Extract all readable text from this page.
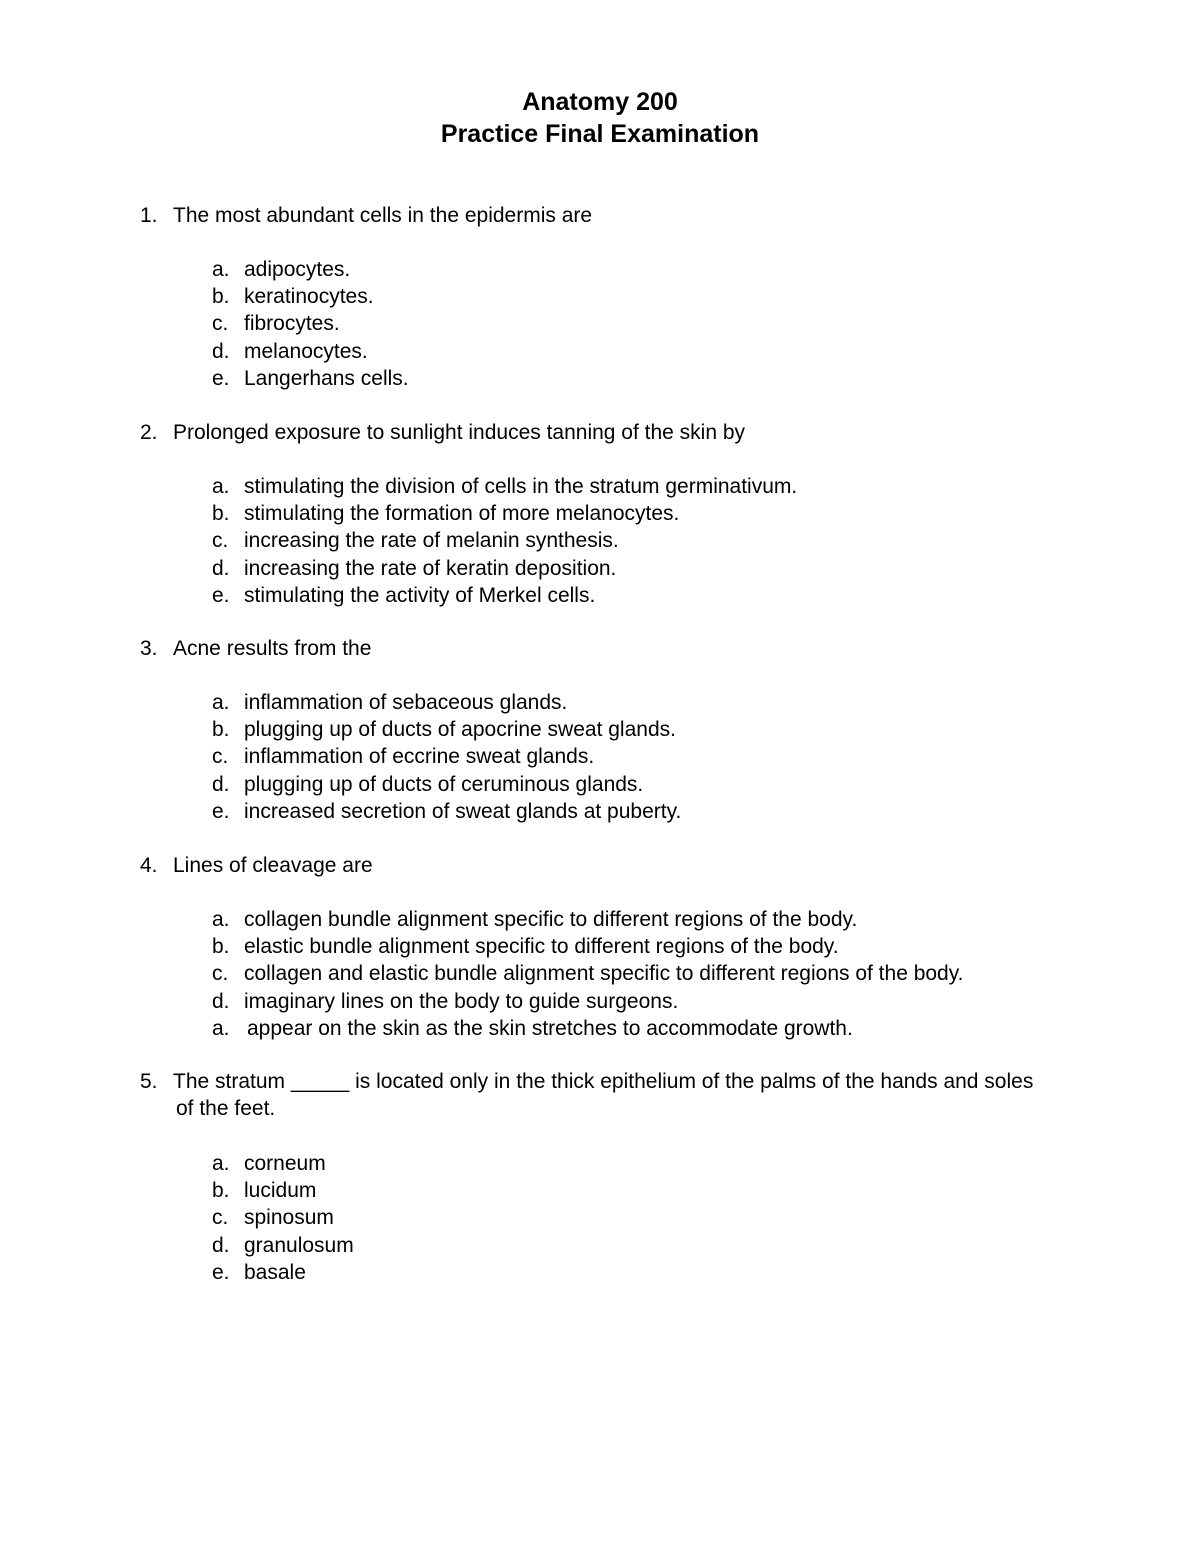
Anatomy 200
Practice Final Examination
1. The most abundant cells in the epidermis are
a. adipocytes.
b. keratinocytes.
c. fibrocytes.
d. melanocytes.
e. Langerhans cells.
2. Prolonged exposure to sunlight induces tanning of the skin by
a. stimulating the division of cells in the stratum germinativum.
b. stimulating the formation of more melanocytes.
c. increasing the rate of melanin synthesis.
d. increasing the rate of keratin deposition.
e. stimulating the activity of Merkel cells.
3. Acne results from the
a. inflammation of sebaceous glands.
b. plugging up of ducts of apocrine sweat glands.
c. inflammation of eccrine sweat glands.
d. plugging up of ducts of ceruminous glands.
e. increased secretion of sweat glands at puberty.
4. Lines of cleavage are
a. collagen bundle alignment specific to different regions of the body.
b. elastic bundle alignment specific to different regions of the body.
c. collagen and elastic bundle alignment specific to different regions of the body.
d. imaginary lines on the body to guide surgeons.
a. appear on the skin as the skin stretches to accommodate growth.
5. The stratum _____ is located only in the thick epithelium of the palms of the hands and soles of the feet.
a. corneum
b. lucidum
c. spinosum
d. granulosum
e. basale
